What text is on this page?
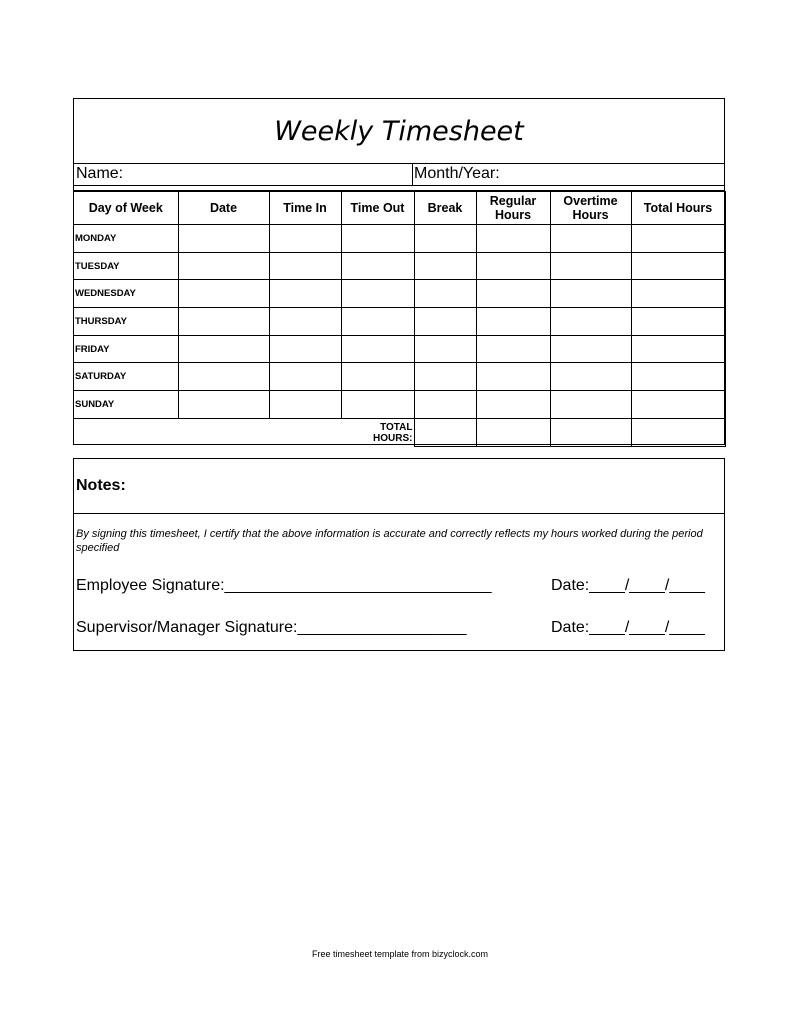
Weekly Timesheet
Name:	Month/Year:
Day of Week	Date	Time In	Time Out	Break	Regular Hours	Overtime Hours	Total Hours
MONDAY							
TUESDAY							
WEDNESDAY							
THURSDAY							
FRIDAY							
SATURDAY							
SUNDAY							
			TOTAL HOURS:				
Notes:
By signing this timesheet, I certify that the above information is accurate and correctly reflects my hours worked during the period specified
Employee Signature:______________________________	Date:____/____/____
Supervisor/Manager Signature:___________________	Date:____/____/____
Free timesheet template from bizyclock.com
